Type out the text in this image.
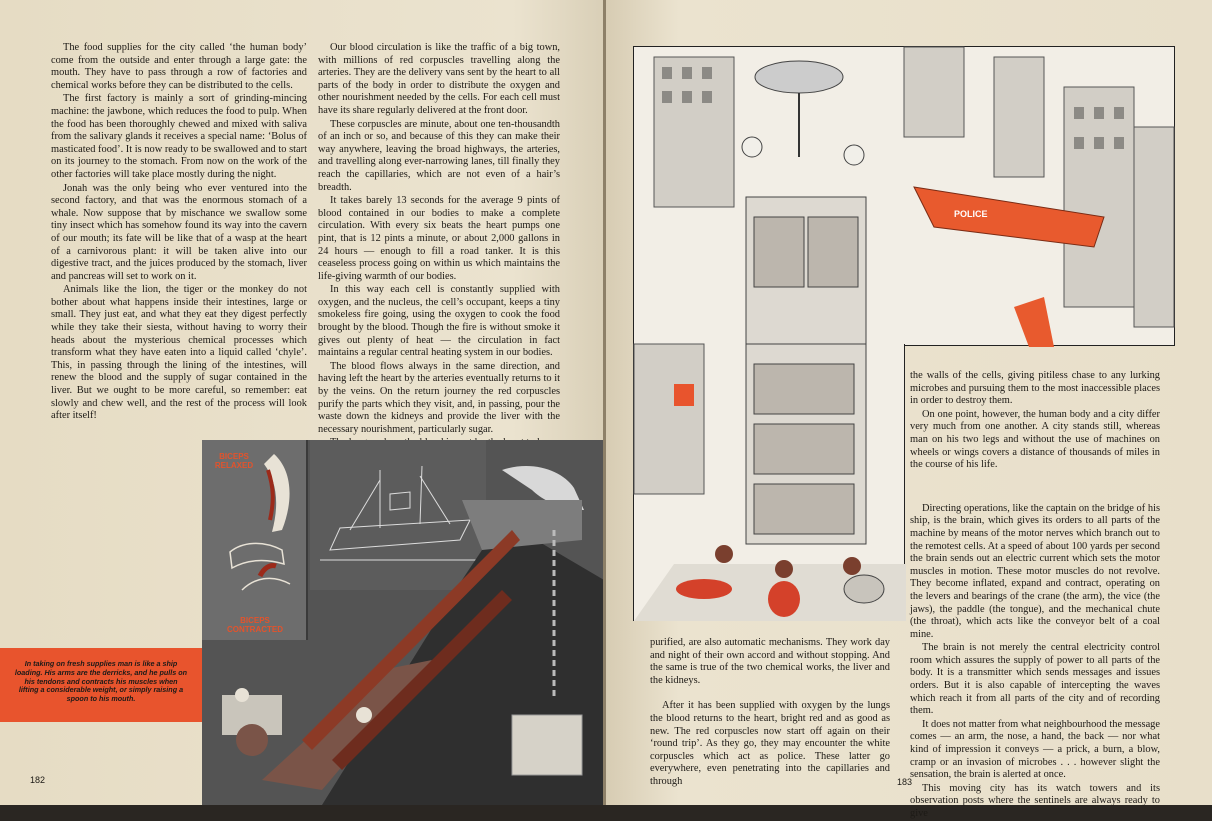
The food supplies for the city called ‘the human body’ come from the outside and enter through a large gate: the mouth. They have to pass through a row of factories and chemical works before they can be distributed to the cells.

The first factory is mainly a sort of grinding-mincing machine: the jawbone, which reduces the food to pulp. When the food has been thoroughly chewed and mixed with saliva from the salivary glands it receives a special name: ‘Bolus of masticated food’. It is now ready to be swallowed and to start on its journey to the stomach. From now on the work of the other factories will take place mostly during the night.

Jonah was the only being who ever ventured into the second factory, and that was the enormous stomach of a whale. Now suppose that by mischance we swallow some tiny insect which has somehow found its way into the cavern of our mouth; its fate will be like that of a wasp at the heart of a carnivorous plant: it will be taken alive into our digestive tract, and the juices produced by the stomach, liver and pancreas will set to work on it.

Animals like the lion, the tiger or the monkey do not bother about what happens inside their intestines, large or small. They just eat, and what they eat they digest perfectly while they take their siesta, without having to worry their heads about the mysterious chemical processes which transform what they have eaten into a liquid called ‘chyle’. This, in passing through the lining of the intestines, will renew the blood and the supply of sugar contained in the liver. But we ought to be more careful, so remember: eat slowly and chew well, and the rest of the process will look after itself!

Our blood circulation is like the traffic of a big town, with millions of red corpuscles travelling along the arteries. They are the delivery vans sent by the heart to all parts of the body in order to distribute the oxygen and other nourishment needed by the cells. For each cell must have its share regularly delivered at the front door.

These corpuscles are minute, about one ten-thousandth of an inch or so, and because of this they can make their way anywhere, leaving the broad highways, the arteries, and travelling along ever-narrowing lanes, till finally they reach the capillaries, which are not even of a hair’s breadth.

It takes barely 13 seconds for the average 9 pints of blood contained in our bodies to make a complete circulation. With every six beats the heart pumps one pint, that is 12 pints a minute, or about 2,000 gallons in 24 hours — enough to fill a road tanker. It is this ceaseless process going on within us which maintains the life-giving warmth of our bodies.

In this way each cell is constantly supplied with oxygen, and the nucleus, the cell’s occupant, keeps a tiny smokeless fire going, using the oxygen to cook the food brought by the blood. Though the fire is without smoke it gives out plenty of heat — the circulation in fact maintains a regular central heating system in our bodies.

The blood flows always in the same direction, and having left the heart by the arteries eventually returns to it by the veins. On the return journey the red corpuscles purify the parts which they visit, and, in passing, pour the waste down the kidneys and provide the liver with the necessary nourishment, particularly sugar.

BICEPS RELAXED
BICEPS CONTRACTED
In taking on fresh supplies man is like a ship loading. His arms are the derricks, and he pulls on his tendons and contracts his muscles when lifting a considerable weight, or simply raising a spoon to his mouth.
182
POLICE

purified, are also automatic mechanisms. They work day and night of their own accord and without stopping. And the same is true of the two chemical works, the liver and the kidneys.

After it has been supplied with oxygen by the lungs the blood returns to the heart, bright red and as good as new. The red corpuscles now start off again on their ‘round trip’. As they go, they may encounter the white corpuscles which act as police. These latter go everywhere, even penetrating into the capillaries and through

the walls of the cells, giving pitiless chase to any lurking microbes and pursuing them to the most inaccessible places in order to destroy them.

On one point, however, the human body and a city differ very much from one another. A city stands still, whereas man on his two legs and without the use of machines on wheels or wings covers a distance of thousands of miles in the course of his life.

Directing operations, like the captain on the bridge of his ship, is the brain, which gives its orders to all parts of the machine by means of the motor nerves which branch out to the remotest cells. At a speed of about 100 yards per second the brain sends out an electric current which sets the motor muscles in motion. These motor muscles do not revolve. They become inflated, expand and contract, operating on the levers and bearings of the crane (the arm), the vice (the jaws), the paddle (the tongue), and the mechanical chute (the throat), which acts like the conveyor belt of a coal mine.

The brain is not merely the central electricity control room which assures the supply of power to all parts of the body. It is a transmitter which sends messages and issues orders. But it is also capable of intercepting the waves which reach it from all parts of the city and of recording them.

It does not matter from what neighbourhood the message comes — an arm, the nose, a hand, the back — nor what kind of impression it conveys — a prick, a burn, a blow, cramp or an invasion of microbes . . . however slight the sensation, the brain is alerted at once.

This moving city has its watch towers and its observation posts where the sentinels are always ready to give

183
